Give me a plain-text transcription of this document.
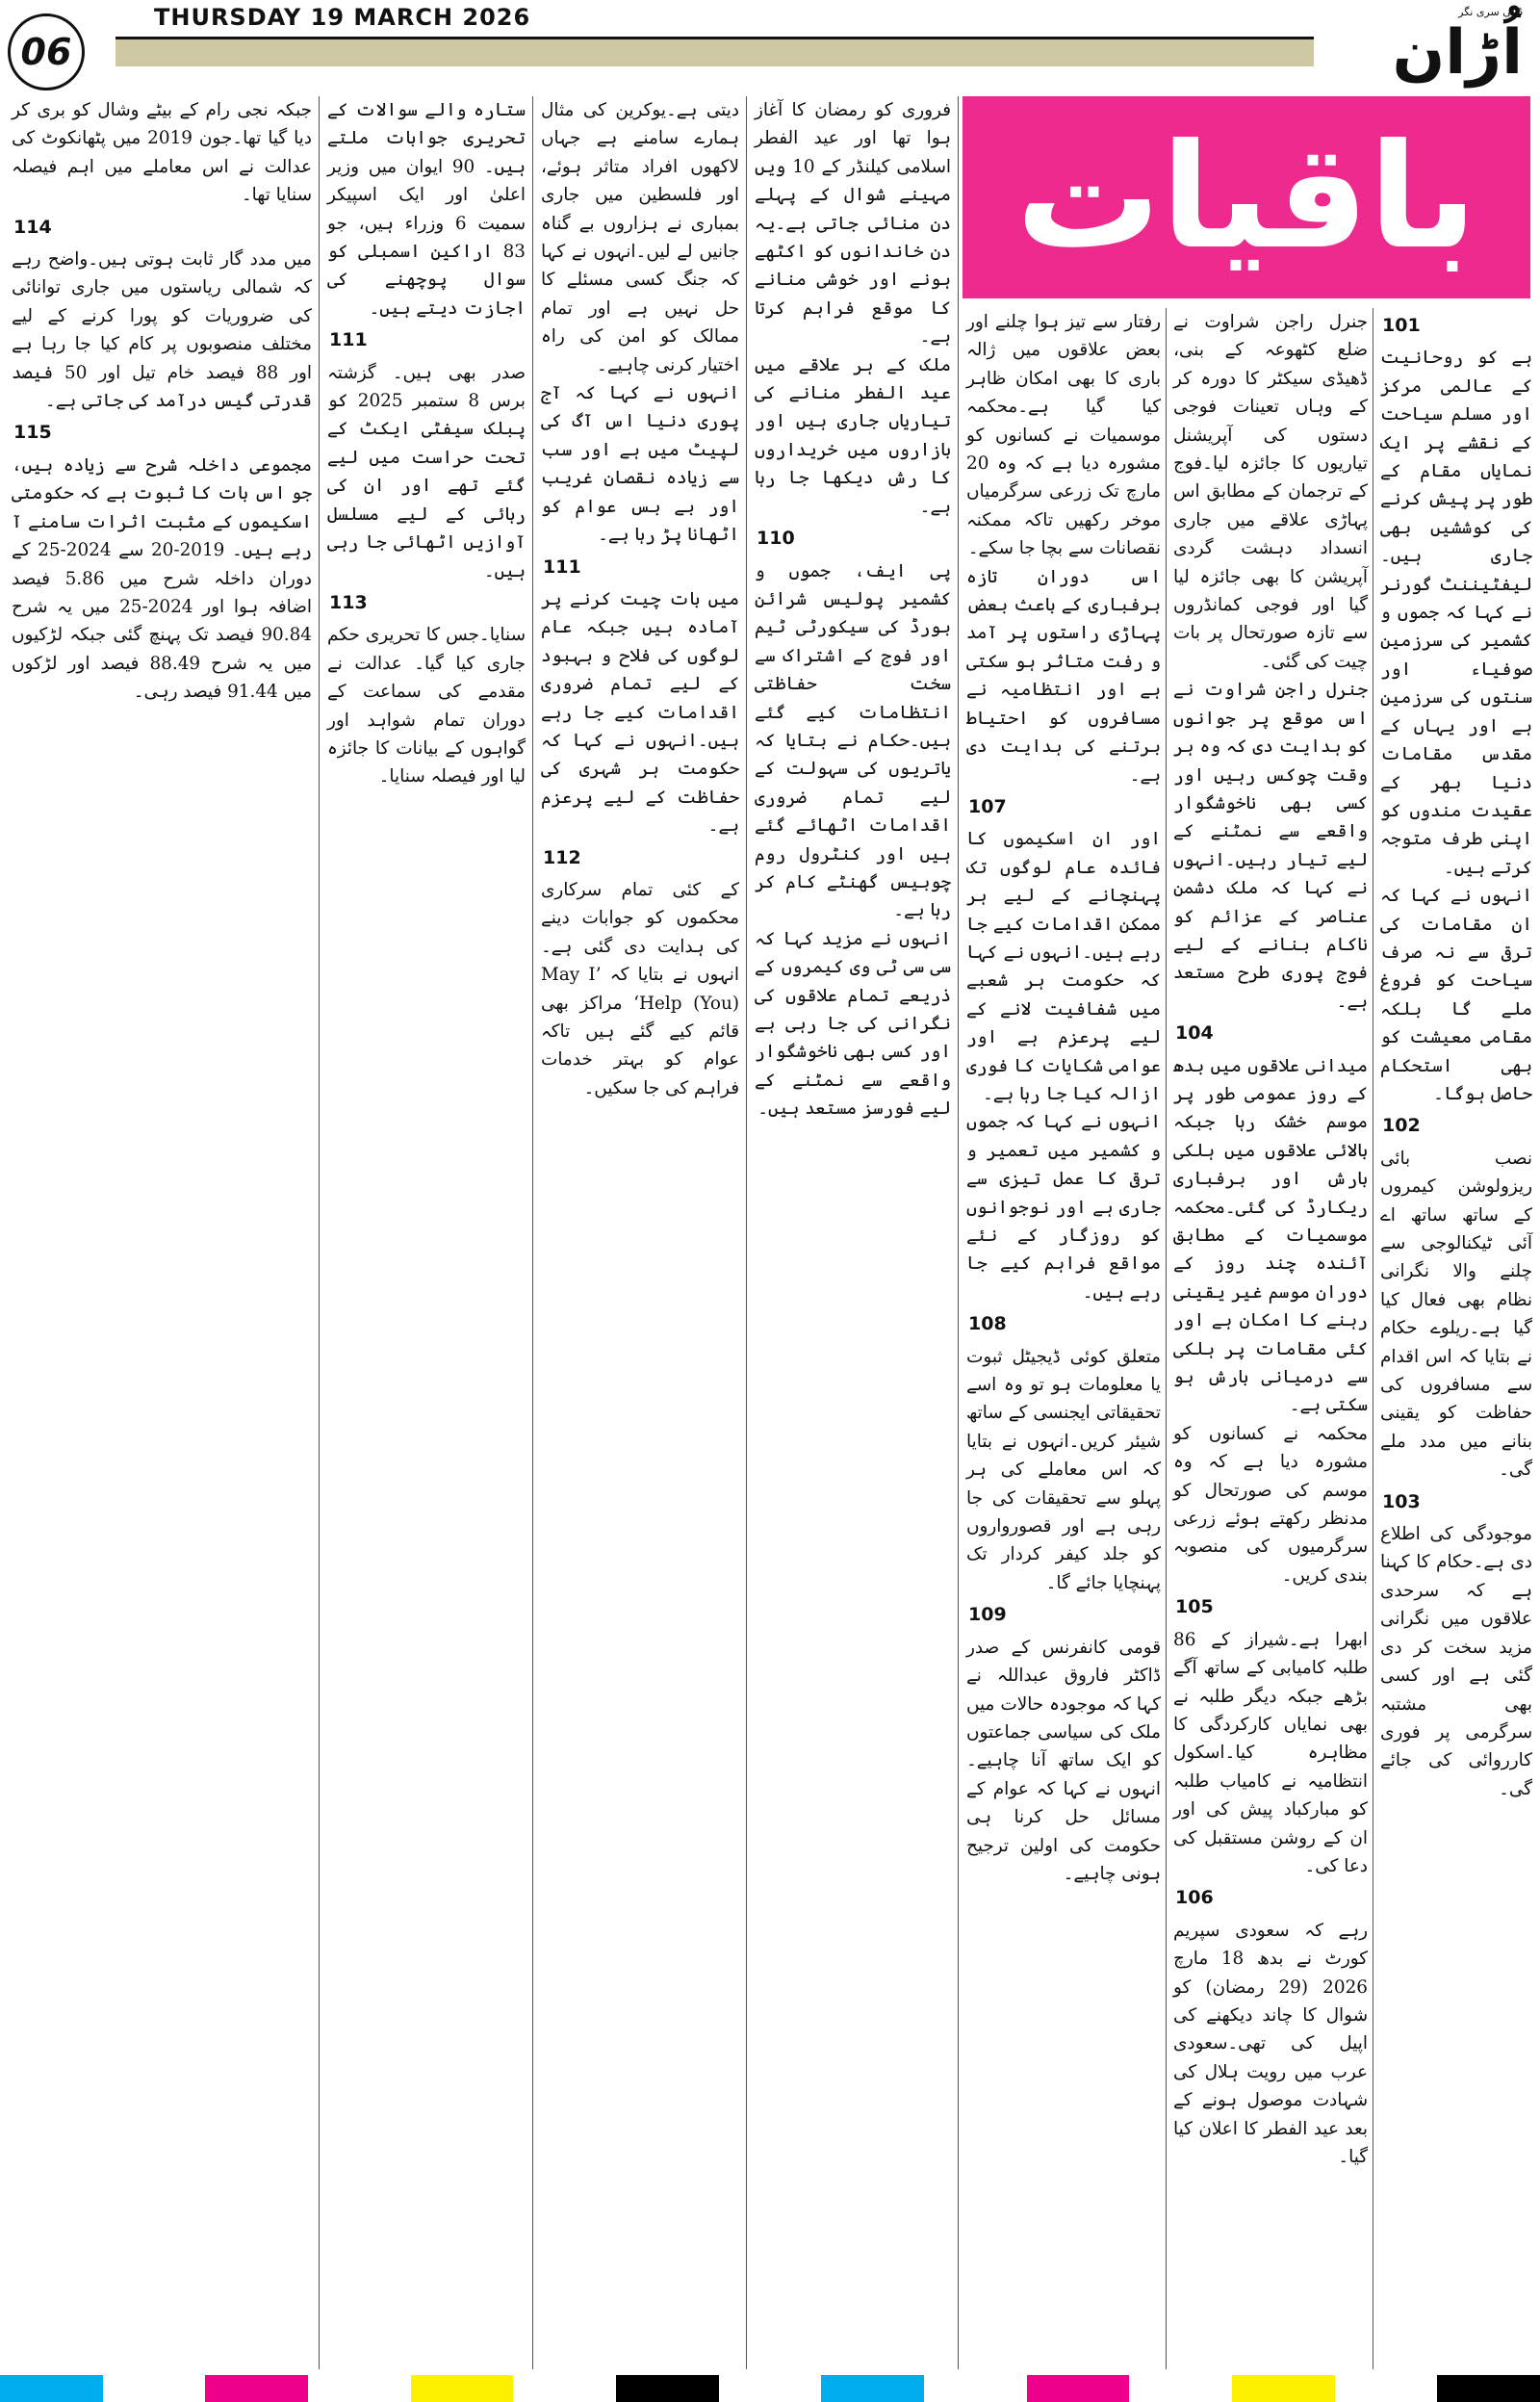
06
THURSDAY 19 MARCH 2026	ڈیلی سری نگر
اُڑان
باقیات
101

ہے کو روحانیت کے عالمی مرکز اور مسلم سیاحت کے نقشے پر ایک نمایاں مقام کے طور پر پیش کرنے کی کوششیں بھی جاری ہیں۔لیفٹیننٹ گورنر نے کہا کہ جموں و کشمیر کی سرزمین صوفیاء اور سنتوں کی سرزمین ہے اور یہاں کے مقدس مقامات دنیا بھر کے عقیدت مندوں کو اپنی طرف متوجہ کرتے ہیں۔

انہوں نے کہا کہ ان مقامات کی ترقی سے نہ صرف سیاحت کو فروغ ملے گا بلکہ مقامی معیشت کو بھی استحکام حاصل ہوگا۔

102

نصب بائی ریزولوشن کیمروں کے ساتھ ساتھ اے آئی ٹیکنالوجی سے چلنے والا نگرانی نظام بھی فعال کیا گیا ہے۔ریلوے حکام نے بتایا کہ اس اقدام سے مسافروں کی حفاظت کو یقینی بنانے میں مدد ملے گی۔

103

موجودگی کی اطلاع دی ہے۔حکام کا کہنا ہے کہ سرحدی علاقوں میں نگرانی مزید سخت کر دی گئی ہے اور کسی بھی مشتبہ سرگرمی پر فوری کارروائی کی جائے گی۔

جنرل راجن شراوت نے ضلع کٹھوعہ کے بنی، ڈھیڈی سیکٹر کا دورہ کر کے وہاں تعینات فوجی دستوں کی آپریشنل تیاریوں کا جائزہ لیا۔فوج کے ترجمان کے مطابق اس پہاڑی علاقے میں جاری انسداد دہشت گردی آپریشن کا بھی جائزہ لیا گیا اور فوجی کمانڈروں سے تازہ صورتحال پر بات چیت کی گئی۔

جنرل راجن شراوت نے اس موقع پر جوانوں کو ہدایت دی کہ وہ ہر وقت چوکس رہیں اور کسی بھی ناخوشگوار واقعے سے نمٹنے کے لیے تیار رہیں۔انہوں نے کہا کہ ملک دشمن عناصر کے عزائم کو ناکام بنانے کے لیے فوج پوری طرح مستعد ہے۔

104

میدانی علاقوں میں بدھ کے روز عمومی طور پر موسم خشک رہا جبکہ بالائی علاقوں میں ہلکی بارش اور برفباری ریکارڈ کی گئی۔محکمہ موسمیات کے مطابق آئندہ چند روز کے دوران موسم غیر یقینی رہنے کا امکان ہے اور کئی مقامات پر ہلکی سے درمیانی بارش ہو سکتی ہے۔

محکمہ نے کسانوں کو مشورہ دیا ہے کہ وہ موسم کی صورتحال کو مدنظر رکھتے ہوئے زرعی سرگرمیوں کی منصوبہ بندی کریں۔

105

ابھرا ہے۔شیراز کے 86 طلبہ کامیابی کے ساتھ آگے بڑھے جبکہ دیگر طلبہ نے بھی نمایاں کارکردگی کا مظاہرہ کیا۔اسکول انتظامیہ نے کامیاب طلبہ کو مبارکباد پیش کی اور ان کے روشن مستقبل کی دعا کی۔

106

رہے کہ سعودی سپریم کورٹ نے بدھ 18 مارچ 2026 (29 رمضان) کو شوال کا چاند دیکھنے کی اپیل کی تھی۔سعودی عرب میں رویت ہلال کی شہادت موصول ہونے کے بعد عید الفطر کا اعلان کیا گیا۔

رفتار سے تیز ہوا چلنے اور بعض علاقوں میں ژالہ باری کا بھی امکان ظاہر کیا گیا ہے۔محکمہ موسمیات نے کسانوں کو مشورہ دیا ہے کہ وہ 20 مارچ تک زرعی سرگرمیاں موخر رکھیں تاکہ ممکنہ نقصانات سے بچا جا سکے۔

اس دوران تازہ برفباری کے باعث بعض پہاڑی راستوں پر آمد و رفت متاثر ہو سکتی ہے اور انتظامیہ نے مسافروں کو احتیاط برتنے کی ہدایت دی ہے۔

107

اور ان اسکیموں کا فائدہ عام لوگوں تک پہنچانے کے لیے ہر ممکن اقدامات کیے جا رہے ہیں۔انہوں نے کہا کہ حکومت ہر شعبے میں شفافیت لانے کے لیے پرعزم ہے اور عوامی شکایات کا فوری ازالہ کیا جا رہا ہے۔

انہوں نے کہا کہ جموں و کشمیر میں تعمیر و ترقی کا عمل تیزی سے جاری ہے اور نوجوانوں کو روزگار کے نئے مواقع فراہم کیے جا رہے ہیں۔

108

متعلق کوئی ڈیجیٹل ثبوت یا معلومات ہو تو وہ اسے تحقیقاتی ایجنسی کے ساتھ شیئر کریں۔انہوں نے بتایا کہ اس معاملے کی ہر پہلو سے تحقیقات کی جا رہی ہے اور قصورواروں کو جلد کیفر کردار تک پہنچایا جائے گا۔

109

قومی کانفرنس کے صدر ڈاکٹر فاروق عبداللہ نے کہا کہ موجودہ حالات میں ملک کی سیاسی جماعتوں کو ایک ساتھ آنا چاہیے۔انہوں نے کہا کہ عوام کے مسائل حل کرنا ہی حکومت کی اولین ترجیح ہونی چاہیے۔

فروری کو رمضان کا آغاز ہوا تھا اور عید الفطر اسلامی کیلنڈر کے 10 ویں مہینے شوال کے پہلے دن منائی جاتی ہے۔یہ دن خاندانوں کو اکٹھے ہونے اور خوشی منانے کا موقع فراہم کرتا ہے۔

ملک کے ہر علاقے میں عید الفطر منانے کی تیاریاں جاری ہیں اور بازاروں میں خریداروں کا رش دیکھا جا رہا ہے۔

110

پی ایف، جموں و کشمیر پولیس شرائن بورڈ کی سیکورٹی ٹیم اور فوج کے اشتراک سے سخت حفاظتی انتظامات کیے گئے ہیں۔حکام نے بتایا کہ یاتریوں کی سہولت کے لیے تمام ضروری اقدامات اٹھائے گئے ہیں اور کنٹرول روم چوبیس گھنٹے کام کر رہا ہے۔

انہوں نے مزید کہا کہ سی سی ٹی وی کیمروں کے ذریعے تمام علاقوں کی نگرانی کی جا رہی ہے اور کسی بھی ناخوشگوار واقعے سے نمٹنے کے لیے فورسز مستعد ہیں۔

دیتی ہے۔یوکرین کی مثال ہمارے سامنے ہے جہاں لاکھوں افراد متاثر ہوئے، اور فلسطین میں جاری بمباری نے ہزاروں بے گناہ جانیں لے لیں۔انہوں نے کہا کہ جنگ کسی مسئلے کا حل نہیں ہے اور تمام ممالک کو امن کی راہ اختیار کرنی چاہیے۔

انہوں نے کہا کہ آج پوری دنیا اس آگ کی لپیٹ میں ہے اور سب سے زیادہ نقصان غریب اور بے بس عوام کو اٹھانا پڑ رہا ہے۔

111

میں بات چیت کرنے پر آمادہ ہیں جبکہ عام لوگوں کی فلاح و بہبود کے لیے تمام ضروری اقدامات کیے جا رہے ہیں۔انہوں نے کہا کہ حکومت ہر شہری کی حفاظت کے لیے پرعزم ہے۔

112

کے کئی تمام سرکاری محکموں کو جوابات دینے کی ہدایت دی گئی ہے۔انہوں نے بتایا کہ ’May I Help (You)‘ مراکز بھی قائم کیے گئے ہیں تاکہ عوام کو بہتر خدمات فراہم کی جا سکیں۔

ستارہ والے سوالات کے تحریری جوابات ملتے ہیں۔ 90 ایوان میں وزیر اعلیٰ اور ایک اسپیکر سمیت 6 وزراء ہیں، جو 83 اراکین اسمبلی کو سوال پوچھنے کی اجازت دیتے ہیں۔

111

صدر بھی ہیں۔ گزشتہ برس 8 ستمبر 2025 کو پبلک سیفٹی ایکٹ کے تحت حراست میں لیے گئے تھے اور ان کی رہائی کے لیے مسلسل آوازیں اٹھائی جا رہی ہیں۔

113

سنایا۔جس کا تحریری حکم جاری کیا گیا۔ عدالت نے مقدمے کی سماعت کے دوران تمام شواہد اور گواہوں کے بیانات کا جائزہ لیا اور فیصلہ سنایا۔

جبکہ نجی رام کے بیٹے وشال کو بری کر دیا گیا تھا۔جون 2019 میں پٹھانکوٹ کی عدالت نے اس معاملے میں اہم فیصلہ سنایا تھا۔

114

میں مدد گار ثابت ہوتی ہیں۔واضح رہے کہ شمالی ریاستوں میں جاری توانائی کی ضروریات کو پورا کرنے کے لیے مختلف منصوبوں پر کام کیا جا رہا ہے اور 88 فیصد خام تیل اور 50 فیصد قدرتی گیس درآمد کی جاتی ہے۔

115

مجموعی داخلہ شرح سے زیادہ ہیں، جو اس بات کا ثبوت ہے کہ حکومتی اسکیموں کے مثبت اثرات سامنے آ رہے ہیں۔ 2019-20 سے 2024-25 کے دوران داخلہ شرح میں 5.86 فیصد اضافہ ہوا اور 2024-25 میں یہ شرح 90.84 فیصد تک پہنچ گئی جبکہ لڑکیوں میں یہ شرح 88.49 فیصد اور لڑکوں میں 91.44 فیصد رہی۔
